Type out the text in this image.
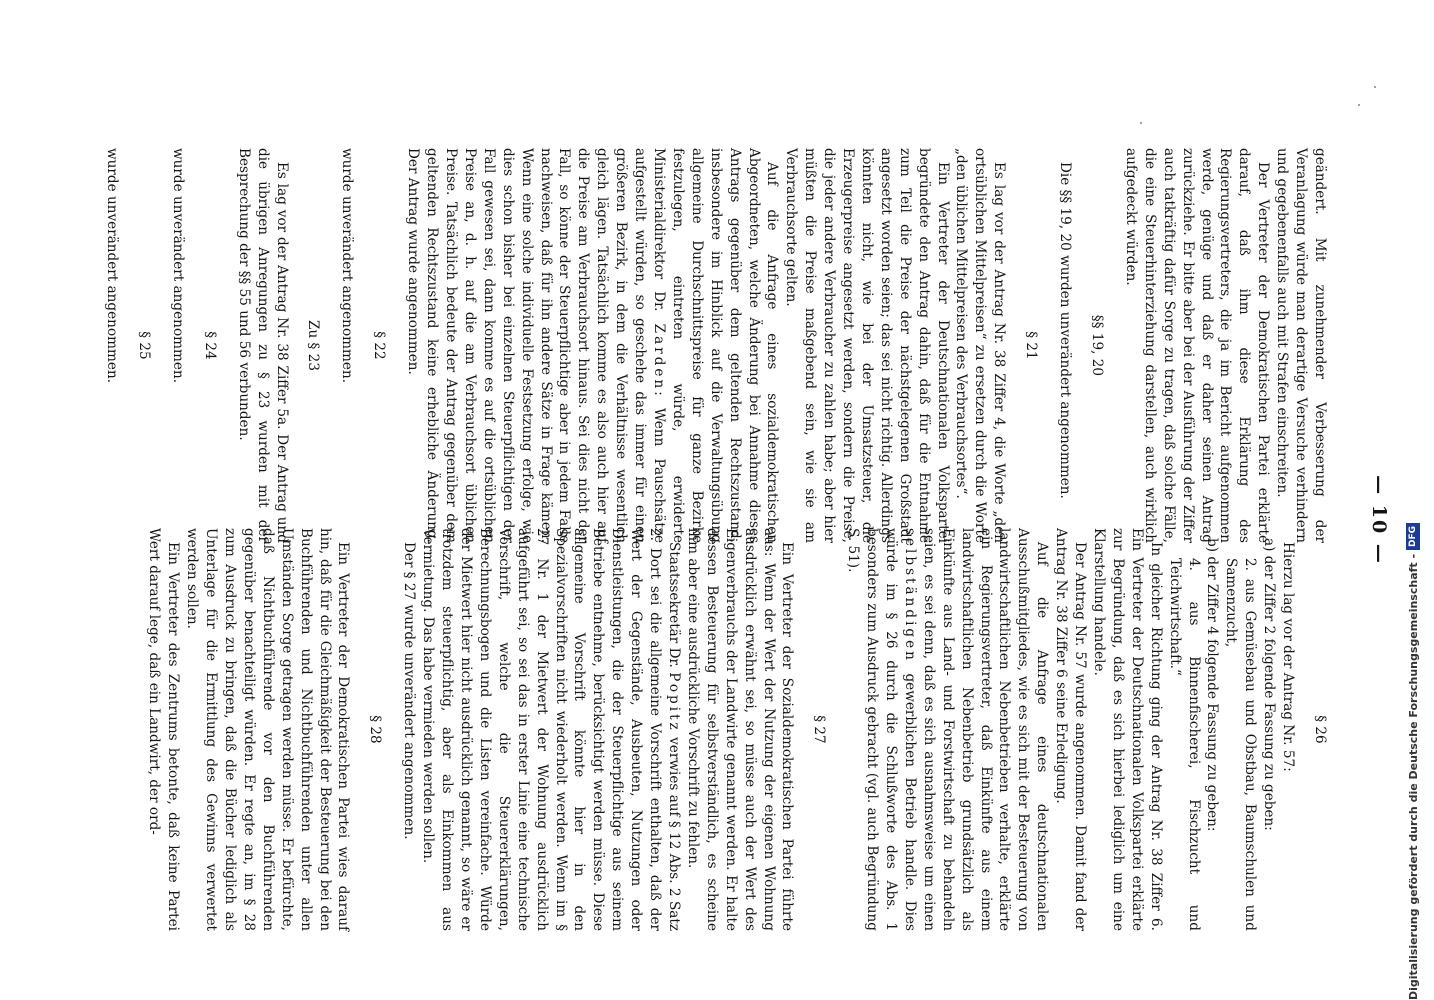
— 10 —

geändert. Mit zunehmender Verbesserung der Veranlagung würde man derartige Versuche verhindern und gegebenenfalls auch mit Strafen einschreiten.

Der Vertreter der Demokratischen Partei erklärte darauf, daß ihm diese Erklärung des Regierungsvertreters, die ja im Bericht aufgenommen werde, genüge und daß er daher seinen Antrag zurückziehe. Er bitte aber bei der Ausführung der Ziffer auch tatkräftig dafür Sorge zu tragen, daß solche Fälle, die eine Steuerhinterziehung darstellen, auch wirklich aufgedeckt würden.

§§ 19, 20

Die §§ 19, 20 wurden unverändert angenommen.

§ 21

Es lag vor der Antrag Nr. 38 Ziffer 4, die Worte „den ortsüblichen Mittelpreisen“ zu ersetzen durch die Worte „den üblichen Mittelpreisen des Verbrauchsortes“.

Ein Vertreter der Deutschnationalen Volkspartei begründete den Antrag dahin, daß für die Entnahme zum Teil die Preise der nächstgelegenen Großstadt angesetzt worden seien; das sei nicht richtig. Allerdings könnten nicht, wie bei der Umsatzsteuer, die Erzeugerpreise angesetzt werden, sondern die Preise, die jeder andere Verbraucher zu zahlen habe; aber hier müßten die Preise maßgebend sein, wie sie am Verbrauchsorte gelten.

Auf die Anfrage eines sozialdemokratischen Abgeordneten, welche Änderung bei Annahme dieses Antrags gegenüber dem geltenden Rechtszustand, insbesondere im Hinblick auf die Verwaltungsübung allgemeine Durchschnittspreise für ganze Bezirke festzulegen, eintreten würde, erwiderte Ministerialdirektor Dr. Zarden: Wenn Pauschsätze aufgestellt würden, so geschehe das immer für einen größeren Bezirk, in dem die Verhältnisse wesentlich gleich lägen. Tatsächlich komme es also auch hier auf die Preise am Verbrauchsort hinaus. Sei dies nicht der Fall, so könne der Steuerpflichtige aber in jedem Falle nachweisen, daß für ihn andere Sätze in Frage kämen. Wenn eine solche individuelle Festsetzung erfolge, wie dies schon bisher bei einzelnen Steuerpflichtigen der Fall gewesen sei, dann komme es auf die ortsüblichen Preise an, d. h. auf die am Verbrauchsort üblichen Preise. Tatsächlich bedeute der Antrag gegenüber dem geltenden Rechtszustand keine erhebliche Änderung. Der Antrag wurde angenommen.

§ 22

wurde unverändert angenommen.

Zu § 23

Es lag vor der Antrag Nr. 38 Ziffer 5a. Der Antrag und die übrigen Anregungen zu § 23 wurden mit der Besprechung der §§ 55 und 56 verbunden.

§ 24

wurde unverändert angenommen.

§ 25

wurde unverändert angenommen.

§ 26

Hierzu lag vor der Antrag Nr. 57:

a) der Ziffer 2 folgende Fassung zu geben:
2. aus Gemüsebau und Obstbau, Baumschulen und Samenzucht,
b) der Ziffer 4 folgende Fassung zu geben:
4. aus Binnenfischerei, Fischzucht und Teichwirtschaft.“

In gleicher Richtung ging der Antrag Nr. 38 Ziffer 6. Ein Vertreter der Deutschnationalen Volkspartei erklärte zur Begründung, daß es sich hierbei lediglich um eine Klarstellung handele.

Der Antrag Nr. 57 wurde angenommen. Damit fand der Antrag Nr. 38 Ziffer 6 seine Erledigung.

Auf die Anfrage eines deutschnationalen Ausschußmitgliedes, wie es sich mit der Besteuerung von landwirtschaftlichen Nebenbetrieben verhalte, erklärte ein Regierungsvertreter, daß Einkünfte aus einem landwirtschaftlichen Nebenbetrieb grundsätzlich als Einkünfte aus Land- und Forstwirtschaft zu behandeln seien, es sei denn, daß es sich ausnahmsweise um einen selbständigen gewerblichen Betrieb handle. Dies würde im § 26 durch die Schlußworte des Abs. 1 besonders zum Ausdruck gebracht (vgl. auch Begründung S. 51).

§ 27

Ein Vertreter der Sozialdemokratischen Partei führte aus: Wenn der Wert der Nutzung der eigenen Wohnung ausdrücklich erwähnt sei, so müsse auch der Wert des Eigenverbrauchs der Landwirte genannt werden. Er halte dessen Besteuerung für selbstverständlich, es scheine ihm aber eine ausdrückliche Vorschrift zu fehlen.

Staatssekretär Dr. Popitz verwies auf § 12 Abs. 2 Satz 2. Dort sei die allgemeine Vorschrift enthalten, daß der Wert der Gegenstände, Ausbeuten, Nutzungen oder Dienstleistungen, die der Steuerpflichtige aus seinem Betriebe entnehme, berücksichtigt werden müsse. Diese allgemeine Vorschrift könnte hier in den Spezialvorschriften nicht wiederholt werden. Wenn im § 27 Nr. 1 der Mietwert der Wohnung ausdrücklich aufgeführt sei, so sei das in erster Linie eine technische Vorschrift, welche die Steuererklärungen, Berechnungsbogen und die Listen vereinfache. Würde der Mietwert hier nicht ausdrücklich genannt, so wäre er trotzdem steuerpflichtig, aber als Einkommen aus Vermietung. Das habe vermieden werden sollen.

Der § 27 wurde unverändert angenommen.

§ 28

Ein Vertreter der Demokratischen Partei wies darauf hin, daß für die Gleichmäßigkeit der Besteuerung bei den Buchführenden und Nichtbuchführenden unter allen Umständen Sorge getragen werden müsse. Er befürchte, daß Nichtbuchführende vor den Buchführenden gegenüber benachteiligt würden. Er regte an, im § 28 zum Ausdruck zu bringen, daß die Bücher lediglich als Unterlage für die Ermittlung des Gewinns verwertet werden sollen.

Ein Vertreter des Zentrums betonte, daß keine Partei Wert darauf lege, daß ein Landwirt, der ord-	Digitalisierung gefördert durch die Deutsche Forschungsgemeinschaft -
DFG
